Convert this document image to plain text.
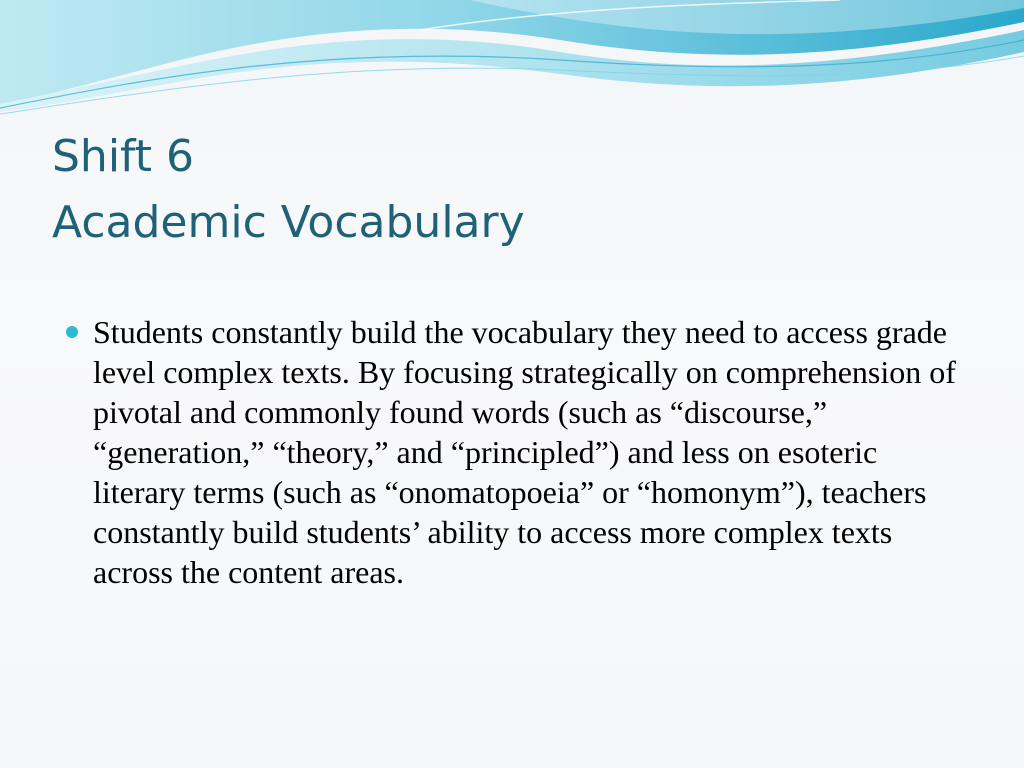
Shift 6
Academic Vocabulary
Students constantly build the vocabulary they need to access grade level complex texts. By focusing strategically on comprehension of pivotal and commonly found words (such as “discourse,” “generation,” “theory,” and “principled”) and less on esoteric literary terms (such as “onomatopoeia” or “homonym”), teachers constantly build students’ ability to access more complex texts across the content areas.
